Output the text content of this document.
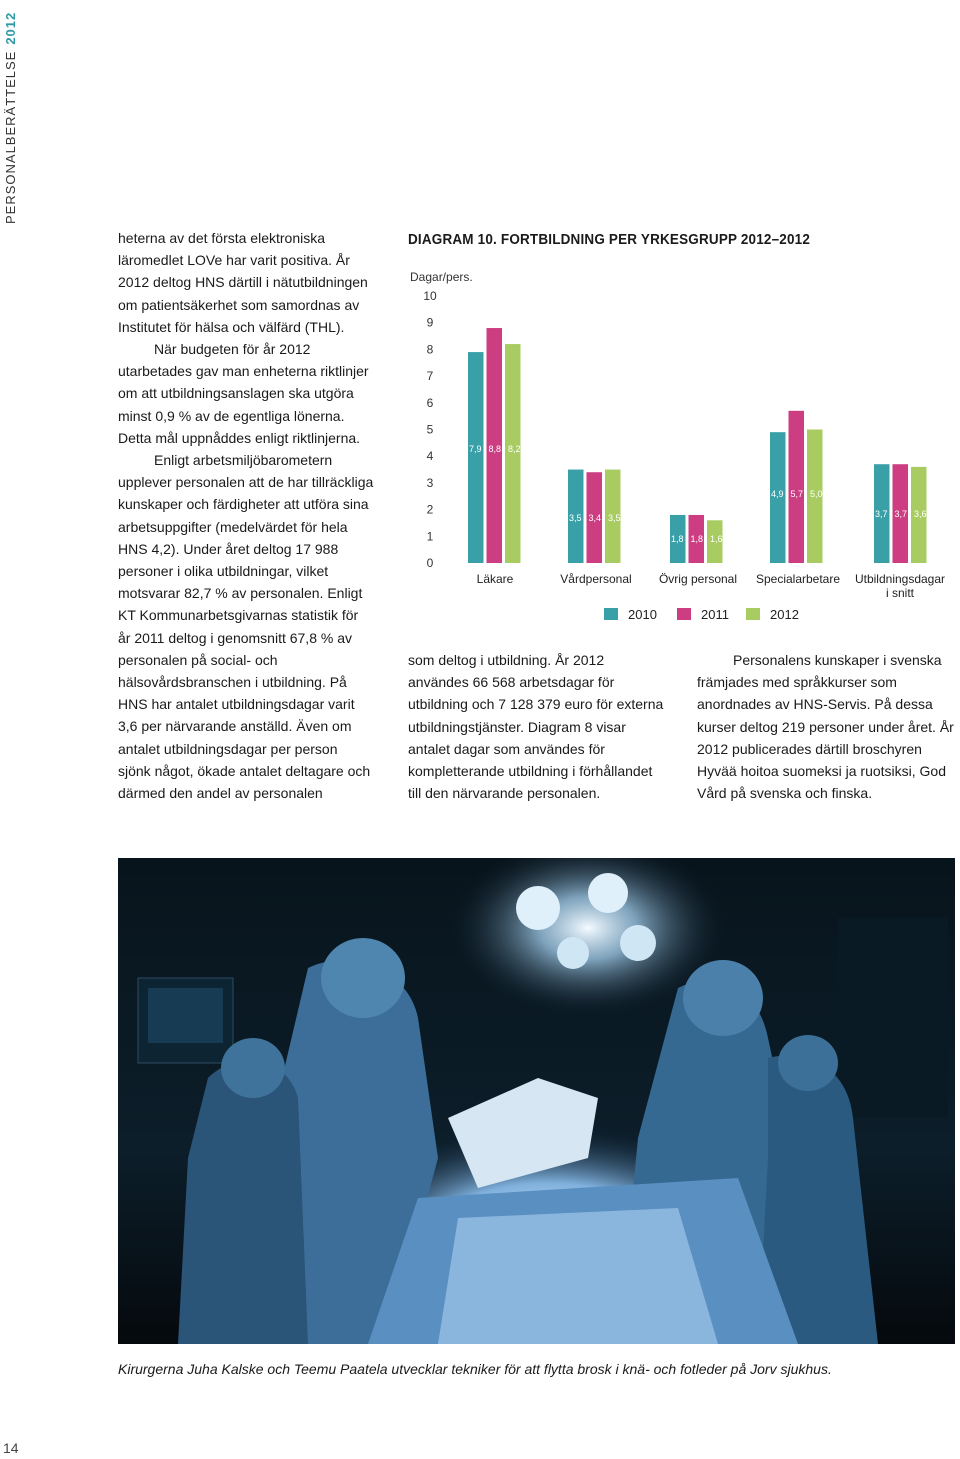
PERSONALBERÄTTELSE2012

heterna av det första elektroniska läromedlet LOVe har varit positiva. År 2012 deltog HNS därtill i nätutbildningen om patientsäkerhet som samordnas av Institutet för hälsa och välfärd (THL).

När budgeten för år 2012 utarbetades gav man enheterna riktlinjer om att utbildningsanslagen ska utgöra minst 0,9 % av de egentliga lönerna. Detta mål uppnåddes enligt riktlinjerna.

Enligt arbetsmiljöbarometern upplever personalen att de har tillräckliga kunskaper och färdigheter att utföra sina arbetsuppgifter (medelvärdet för hela HNS 4,2). Under året deltog 17 988 personer i olika utbildningar, vilket motsvarar 82,7 % av personalen. Enligt KT Kommunarbetsgivarnas statistik för år 2011 deltog i genomsnitt 67,8 % av personalen på social- och hälsovårdsbranschen i utbildning. På HNS har antalet utbildningsdagar varit 3,6 per närvarande anställd. Även om antalet utbildningsdagar per person sjönk något, ökade antalet deltagare och därmed den andel av personalen

DIAGRAM 10. FORTBILDNING PER YRKESGRUPP 2012–2012
Dagar/pers.
0
1
2
3
4
5
6
7
8
9
10
7,9 8,8 8,2
3,5 3,4 3,5
1,8 1,8 1,6
4,9 5,7 5,0
3,7 3,7 3,6
Läkare	Vårdpersonal Övrig personal Specialarbetare Utbildningsdagar
i snitt
2010	2011	2012

som deltog i utbildning. År 2012 användes 66 568 arbetsdagar för utbildning och 7 128 379 euro för externa utbildningstjänster. Diagram 8 visar antalet dagar som användes för kompletterande utbildning i förhållandet till den närvarande personalen.

Personalens kunskaper i svenska främjades med språkkurser som anordnades av HNS-Servis. På dessa kurser deltog 219 personer under året. År 2012 publicerades därtill broschyren Hyvää hoitoa suomeksi ja ruotsiksi, God Vård på svenska och finska.

Kirurgerna Juha Kalske och Teemu Paatela utvecklar tekniker för att flytta brosk i knä- och fotleder på Jorv sjukhus.
14
